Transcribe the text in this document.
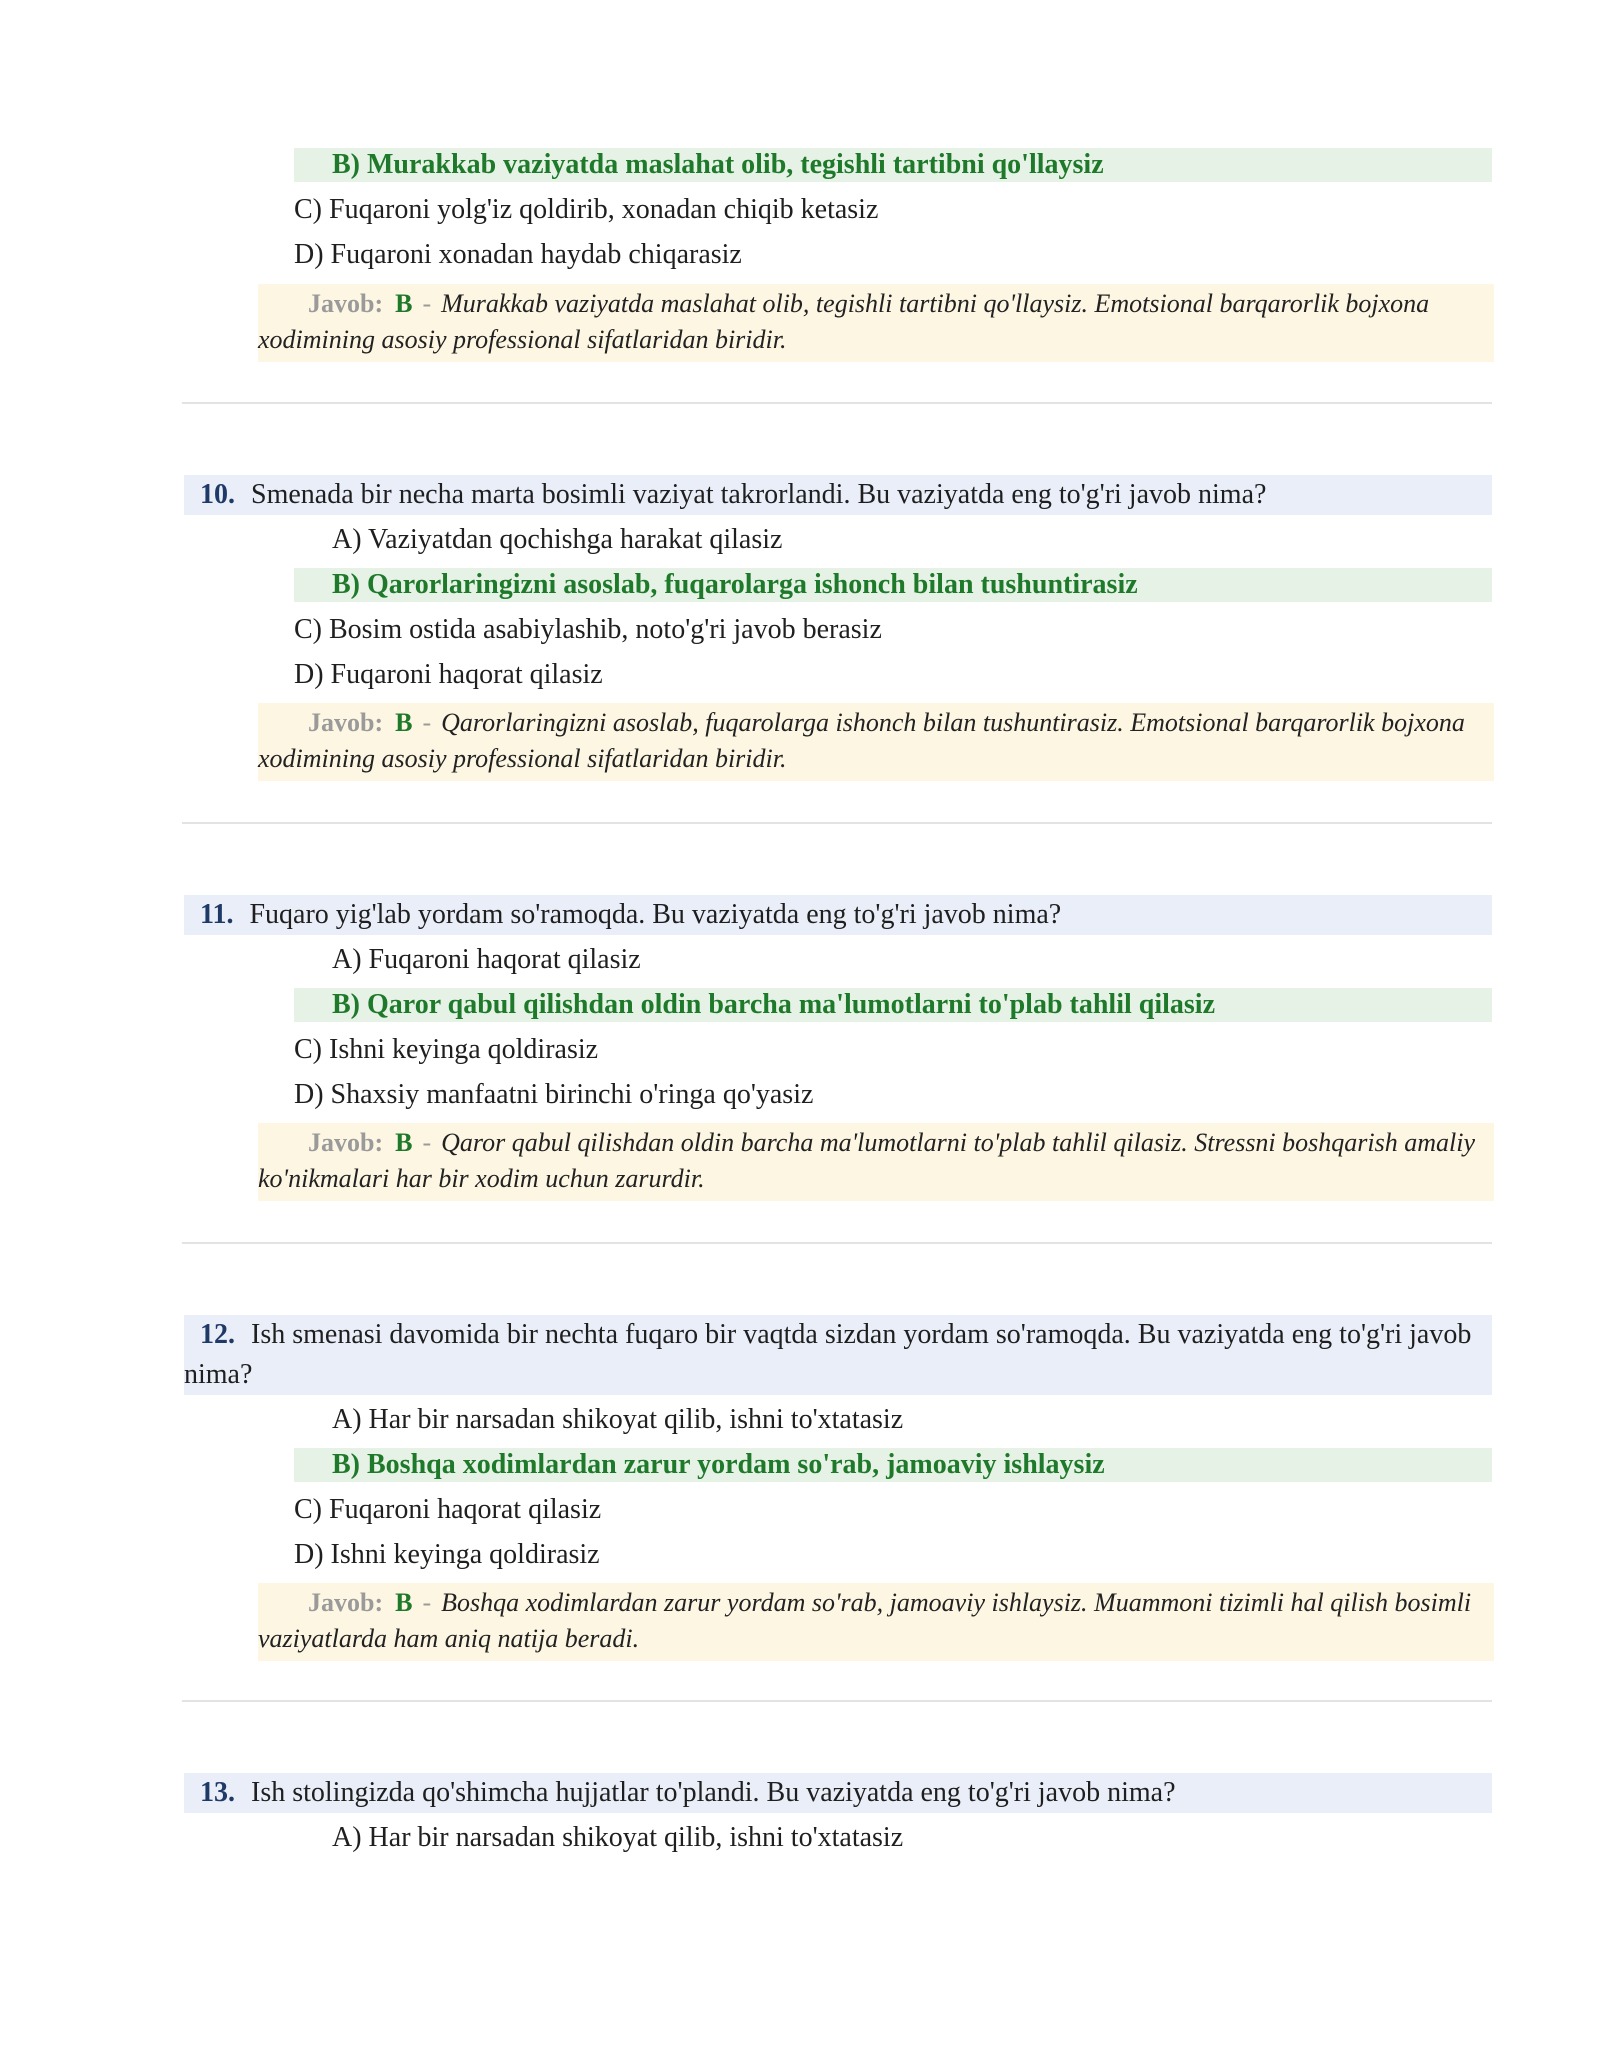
B) Murakkab vaziyatda maslahat olib, tegishli tartibni qo'llaysiz
C) Fuqaroni yolg'iz qoldirib, xonadan chiqib ketasiz
D) Fuqaroni xonadan haydab chiqarasiz
Javob: B - Murakkab vaziyatda maslahat olib, tegishli tartibni qo'llaysiz. Emotsional barqarorlik bojxona xodimining asosiy professional sifatlaridan biridir.
10. Smenada bir necha marta bosimli vaziyat takrorlandi. Bu vaziyatda eng to'g'ri javob nima?
A) Vaziyatdan qochishga harakat qilasiz
B) Qarorlaringizni asoslab, fuqarolarga ishonch bilan tushuntirasiz
C) Bosim ostida asabiylashib, noto'g'ri javob berasiz
D) Fuqaroni haqorat qilasiz
Javob: B - Qarorlaringizni asoslab, fuqarolarga ishonch bilan tushuntirasiz. Emotsional barqarorlik bojxona xodimining asosiy professional sifatlaridan biridir.
11. Fuqaro yig'lab yordam so'ramoqda. Bu vaziyatda eng to'g'ri javob nima?
A) Fuqaroni haqorat qilasiz
B) Qaror qabul qilishdan oldin barcha ma'lumotlarni to'plab tahlil qilasiz
C) Ishni keyinga qoldirasiz
D) Shaxsiy manfaatni birinchi o'ringa qo'yasiz
Javob: B - Qaror qabul qilishdan oldin barcha ma'lumotlarni to'plab tahlil qilasiz. Stressni boshqarish amaliy ko'nikmalari har bir xodim uchun zarurdir.
12. Ish smenasi davomida bir nechta fuqaro bir vaqtda sizdan yordam so'ramoqda. Bu vaziyatda eng to'g'ri javob nima?
A) Har bir narsadan shikoyat qilib, ishni to'xtatasiz
B) Boshqa xodimlardan zarur yordam so'rab, jamoaviy ishlaysiz
C) Fuqaroni haqorat qilasiz
D) Ishni keyinga qoldirasiz
Javob: B - Boshqa xodimlardan zarur yordam so'rab, jamoaviy ishlaysiz. Muammoni tizimli hal qilish bosimli vaziyatlarda ham aniq natija beradi.
13. Ish stolingizda qo'shimcha hujjatlar to'plandi. Bu vaziyatda eng to'g'ri javob nima?
A) Har bir narsadan shikoyat qilib, ishni to'xtatasiz
